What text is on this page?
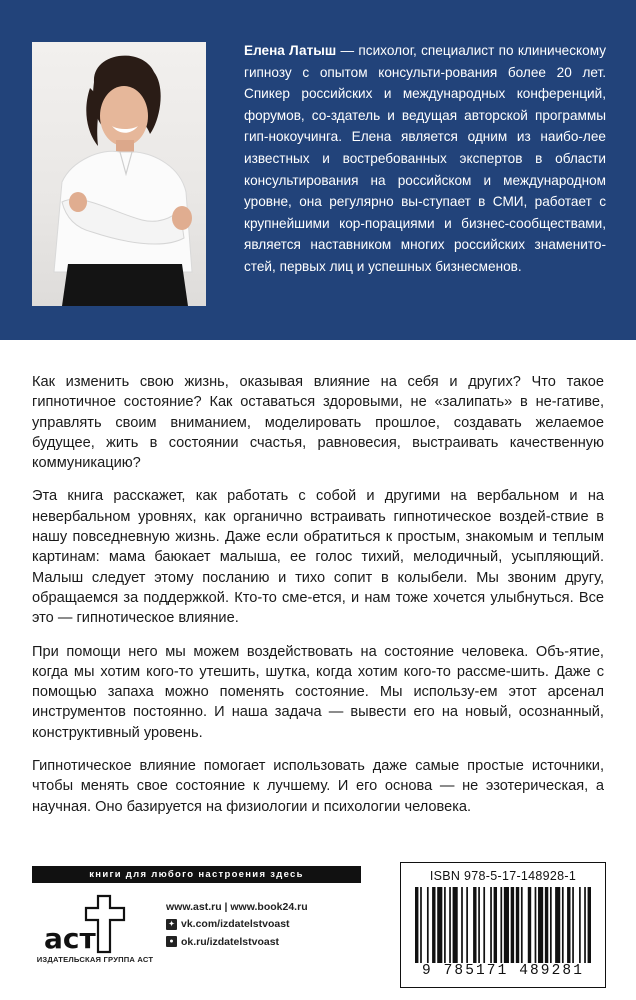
Елена Латыш — психолог, специалист по клиническому гипнозу с опытом консульти-рования более 20 лет. Спикер российских и международных конференций, форумов, со-здатель и ведущая авторской программы гип-нокоучинга. Елена является одним из наибо-лее известных и востребованных экспертов в области консультирования на российском и международном уровне, она регулярно вы-ступает в СМИ, работает с крупнейшими кор-порациями и бизнес-сообществами, является наставником многих российских знаменито-стей, первых лиц и успешных бизнесменов.

Как изменить свою жизнь, оказывая влияние на себя и других? Что такое гипнотичное состояние? Как оставаться здоровыми, не «залипать» в не-гативе, управлять своим вниманием, моделировать прошлое, создавать желаемое будущее, жить в состоянии счастья, равновесия, выстраивать качественную коммуникацию?

Эта книга расскажет, как работать с собой и другими на вербальном и на невербальном уровнях, как органично встраивать гипнотическое воздей-ствие в нашу повседневную жизнь. Даже если обратиться к простым, знакомым и теплым картинам: мама баюкает малыша, ее голос тихий, мелодичный, усыпляющий. Малыш следует этому посланию и тихо сопит в колыбели. Мы звоним другу, обращаемся за поддержкой. Кто-то сме-ется, и нам тоже хочется улыбнуться. Все это — гипнотическое влияние.

При помощи него мы можем воздействовать на состояние человека. Объ-ятие, когда мы хотим кого-то утешить, шутка, когда хотим кого-то рассме-шить. Даже с помощью запаха можно поменять состояние. Мы использу-ем этот арсенал инструментов постоянно. И наша задача — вывести его на новый, осознанный, конструктивный уровень.

Гипнотическое влияние помогает использовать даже самые простые источники, чтобы менять свое состояние к лучшему. И его основа — не эзотерическая, а научная. Оно базируется на физиологии и психологии человека.

книги для любого настроения здесь
аст
ИЗДАТЕЛЬСКАЯ ГРУППА АСТ
www.ast.ru | www.book24.ru
✦ vk.com/izdatelstvoast
● ok.ru/izdatelstvoast
ISBN 978-5-17-148928-1
9 785171 489281
